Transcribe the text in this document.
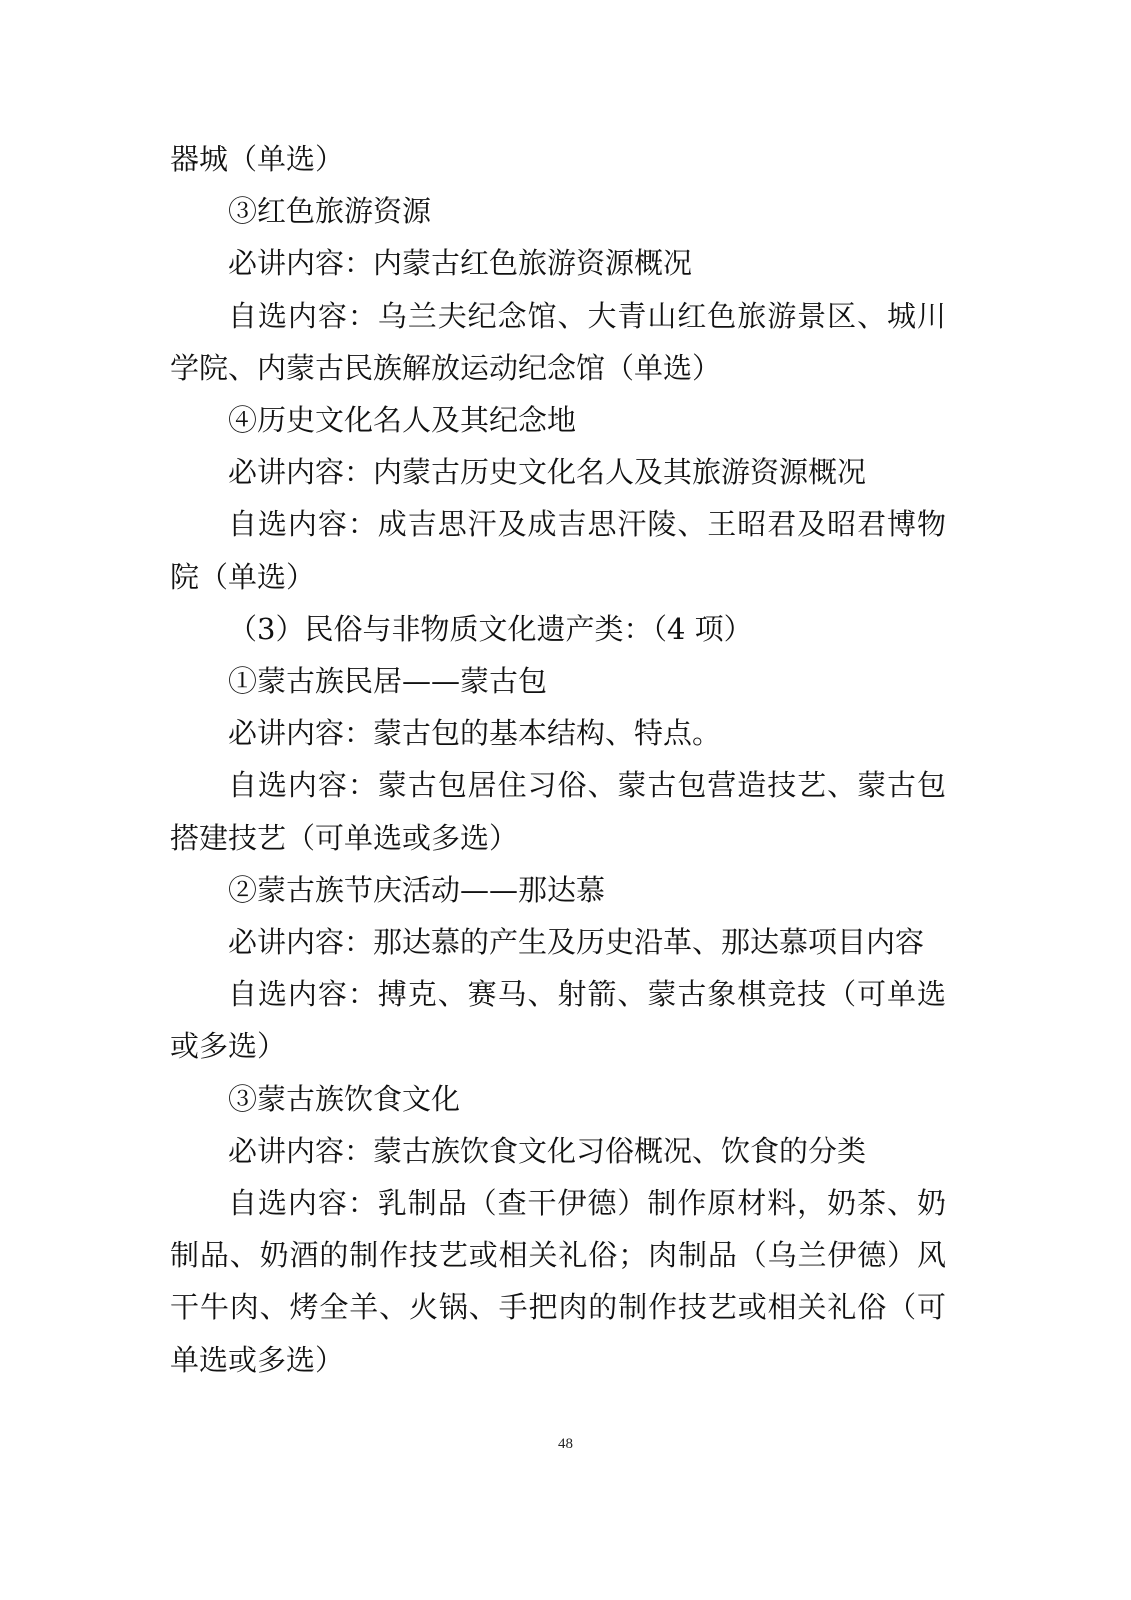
器城（单选）

③红色旅游资源

必讲内容：内蒙古红色旅游资源概况

自选内容：乌兰夫纪念馆、大青山红色旅游景区、城川学院、内蒙古民族解放运动纪念馆（单选）

④历史文化名人及其纪念地

必讲内容：内蒙古历史文化名人及其旅游资源概况

自选内容：成吉思汗及成吉思汗陵、王昭君及昭君博物院（单选）

（3）民俗与非物质文化遗产类：（4 项）

①蒙古族民居——蒙古包

必讲内容：蒙古包的基本结构、特点。

自选内容：蒙古包居住习俗、蒙古包营造技艺、蒙古包搭建技艺（可单选或多选）

②蒙古族节庆活动——那达慕

必讲内容：那达慕的产生及历史沿革、那达慕项目内容

自选内容：搏克、赛马、射箭、蒙古象棋竞技（可单选或多选）

③蒙古族饮食文化

必讲内容：蒙古族饮食文化习俗概况、饮食的分类

自选内容：乳制品（查干伊德）制作原材料，奶茶、奶制品、奶酒的制作技艺或相关礼俗；肉制品（乌兰伊德）风干牛肉、烤全羊、火锅、手把肉的制作技艺或相关礼俗（可单选或多选）

48
